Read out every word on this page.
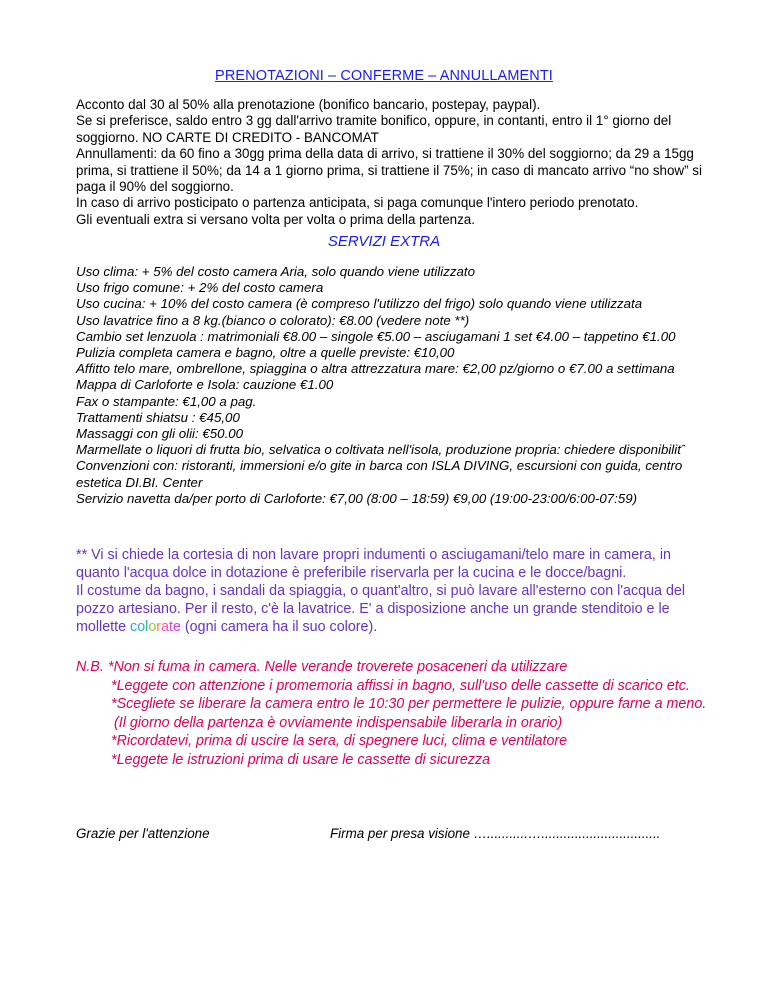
PRENOTAZIONI – CONFERME – ANNULLAMENTI

Acconto dal 30 al 50% alla prenotazione (bonifico bancario, postepay, paypal).

Se si preferisce, saldo entro 3 gg dall'arrivo tramite bonifico, oppure, in contanti, entro il 1° giorno del soggiorno. NO CARTE DI CREDITO - BANCOMAT

Annullamenti: da 60 fino a 30gg prima della data di arrivo, si trattiene il 30% del soggiorno; da 29 a 15gg prima, si trattiene il 50%; da 14 a 1 giorno prima, si trattiene il 75%; in caso di mancato arrivo “no show” si paga il 90% del soggiorno.

In caso di arrivo posticipato o partenza anticipata, si paga comunque l'intero periodo prenotato.

Gli eventuali extra si versano volta per volta o prima della partenza.

SERVIZI EXTRA

Uso clima: + 5% del costo camera Aria, solo quando viene utilizzato

Uso frigo comune: + 2% del costo camera

Uso cucina: + 10% del costo camera (è compreso l'utilizzo del frigo) solo quando viene utilizzata

Uso lavatrice fino a 8 kg.(bianco o colorato): €8.00 (vedere note **)

Cambio set lenzuola : matrimoniali €8.00 – singole €5.00 – asciugamani 1 set €4.00 – tappetino €1.00

Pulizia completa camera e bagno, oltre a quelle previste: €10,00

Affitto telo mare, ombrellone, spiaggina o altra attrezzatura mare: €2,00 pz/giorno o €7.00 a settimana

Mappa di Carloforte e Isola: cauzione €1.00

Fax o stampante: €1,00 a pag.

Trattamenti shiatsu : €45,00

Massaggi con gli olii: €50.00

Marmellate o liquori di frutta bio, selvatica o coltivata nell'isola, produzione propria: chiedere disponibilitˆ

Convenzioni con: ristoranti, immersioni e/o gite in barca con ISLA DIVING, escursioni con guida, centro estetica DI.BI. Center

Servizio navetta da/per porto di Carloforte: €7,00 (8:00 – 18:59) €9,00 (19:00-23:00/6:00-07:59)

** Vi si chiede la cortesia di non lavare propri indumenti o asciugamani/telo mare in camera, in quanto l'acqua dolce in dotazione è preferibile riservarla per la cucina e le docce/bagni.

Il costume da bagno, i sandali da spiaggia, o quant'altro, si può lavare all'esterno con l'acqua del pozzo artesiano. Per il resto, c'è la lavatrice. E' a disposizione anche un grande stenditoio e le mollette colorate (ogni camera ha il suo colore).

N.B. *Non si fuma in camera. Nelle verande troverete posaceneri da utilizzare

*Leggete con attenzione i promemoria affissi in bagno, sull'uso delle cassette di scarico etc.

*Scegliete se liberare la camera entro le 10:30 per permettere le pulizie, oppure farne a meno.

(Il giorno della partenza è ovviamente indispensabile liberarla in orario)

*Ricordatevi, prima di uscire la sera, di spegnere luci, clima e ventilatore

*Leggete le istruzioni prima di usare le cassette di sicurezza

Grazie per l'attenzione	Firma per presa visione …...........…................................
